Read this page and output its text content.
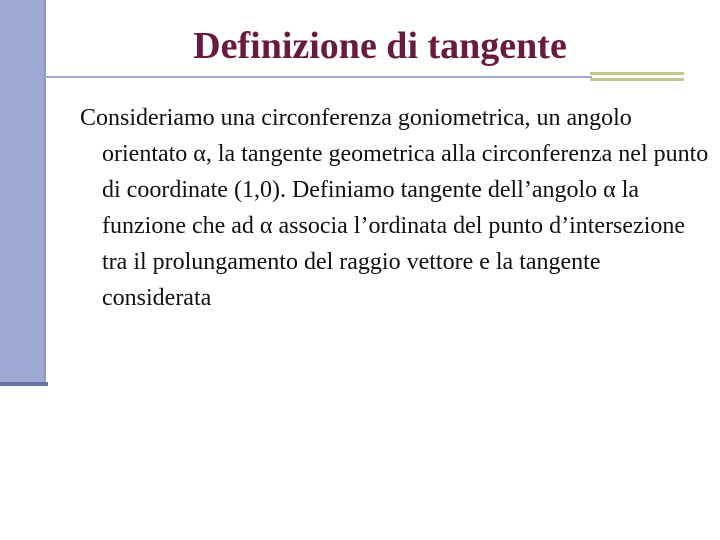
Definizione di tangente

Consideriamo una circonferenza goniometrica, un angolo orientato α, la tangente geometrica alla circonferenza nel punto di coordinate (1,0). Definiamo tangente dell’angolo α la funzione che ad α associa l’ordinata del punto d’intersezione tra il prolungamento del raggio vettore e la tangente considerata
